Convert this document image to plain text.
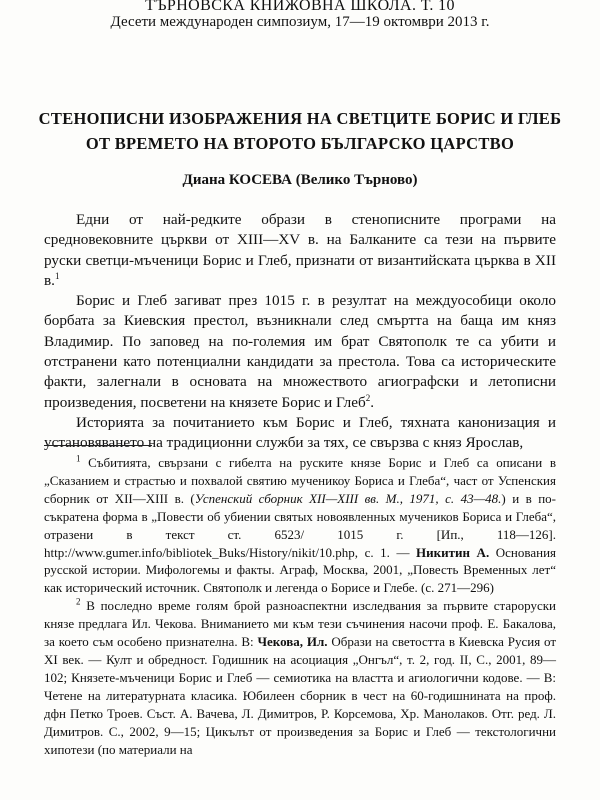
ТЪРНОВСКА КНИЖОВНА ШКОЛА. Т. 10
Десети международен симпозиум, 17—19 октомври 2013 г.
СТЕНОПИСНИ ИЗОБРАЖЕНИЯ НА СВЕТЦИТЕ БОРИС И ГЛЕБ
ОТ ВРЕМЕТО НА ВТОРОТО БЪЛГАРСКО ЦАРСТВО
Диана КОСЕВА (Велико Търново)

Едни от най-редките образи в стенописните програми на средновековните църкви от XIII—XV в. на Балканите са тези на първите руски светци-мъченици Борис и Глеб, признати от византийската църква в XII в.$^1$

Борис и Глеб загиват през 1015 г. в резултат на междуособици около борбата за Киевския престол, възникнали след смъртта на баща им княз Владимир. По заповед на по-големия им брат Святополк те са убити и отстранени като потенциални кандидати за престола. Това са историческите факти, залегнали в основата на множеството агиографски и летописни произведения, посветени на князете Борис и Глеб$^2$.

Историята за почитанието към Борис и Глеб, тяхната канонизация и установяването на традиционни служби за тях, се свързва с княз Ярослав,

$^1$ Събитията, свързани с гибелта на руските князе Борис и Глеб са описани в „Сказанием и страстью и похвалой святию мученикоу Бориса и Глеба“, част от Успенския сборник от XII—XIII в. (Успенский сборник XII—XIII вв. М., 1971, с. 43—48.) и в по-съкратена форма в „Повести об убиении святых новоявленных мучеников Бориса и Глеба“, отразени в текст ст. 6523/ 1015 г. [Ип., 118—126]. http://www.gumer.info/bibliotek_Buks/History/nikit/10.php, с. 1. — Никитин А. Основания русской истории. Мифологемы и факты. Аграф, Москва, 2001, „Повесть Временных лет“ как исторический источник. Святополк и легенда о Борисе и Глебе. (с. 271—296)

$^2$ В последно време голям брой разноаспектни изследвания за първите староруски князе предлага Ил. Чекова. Вниманието ми към тези съчинения насочи проф. Е. Бакалова, за което съм особено признателна. В: Чекова, Ил. Образи на светостта в Киевска Русия от XI век. — Култ и обредност. Годишник на асоциация „Онгъл“, т. 2, год. II, С., 2001, 89—102; Князете-мъченици Борис и Глеб — семиотика на властта и агиологични кодове. — В: Четене на литературната класика. Юбилеен сборник в чест на 60-годишнината на проф. дфн Петко Троев. Съст. А. Вачева, Л. Димитров, Р. Корсемова, Хр. Манолаков. Отг. ред. Л. Димитров. С., 2002, 9—15; Цикълът от произведения за Борис и Глеб — текстологични хипотези (по материали на
